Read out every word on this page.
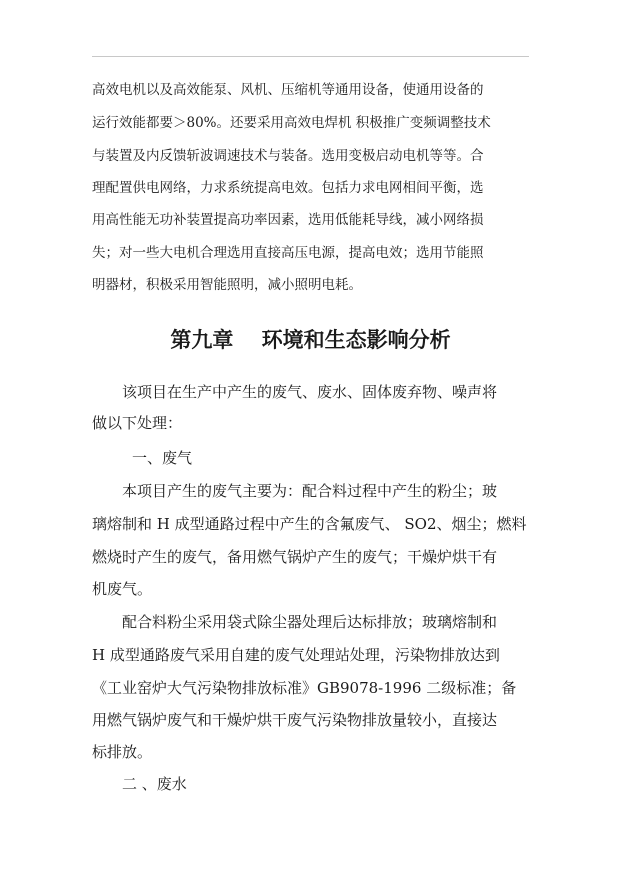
高效电机以及高效能泵、风机、压缩机等通用设备，使通用设备的
运行效能都要＞80%。还要采用高效电焊机 积极推广变频调整技术
与装置及内反馈斩波调速技术与装备。选用变极启动电机等等。合
理配置供电网络，力求系统提高电效。包括力求电网相间平衡，选
用高性能无功补装置提高功率因素，选用低能耗导线，减小网络损
失；对一些大电机合理选用直接高压电源，提高电效；选用节能照
明器材，积极采用智能照明，减小照明电耗。
第九章　 环境和生态影响分析
该项目在生产中产生的废气、废水、固体废弃物、噪声将
做以下处理：
一、废气
本项目产生的废气主要为：配合料过程中产生的粉尘；玻
璃熔制和 H 成型通路过程中产生的含氟废气、 SO2、烟尘；燃料
燃烧时产生的废气，备用燃气锅炉产生的废气；干燥炉烘干有
机废气。
配合料粉尘采用袋式除尘器处理后达标排放；玻璃熔制和
H 成型通路废气采用自建的废气处理站处理，污染物排放达到
《工业窑炉大气污染物排放标准》GB9078-1996 二级标准；备
用燃气锅炉废气和干燥炉烘干废气污染物排放量较小，直接达
标排放。
二 、废水
